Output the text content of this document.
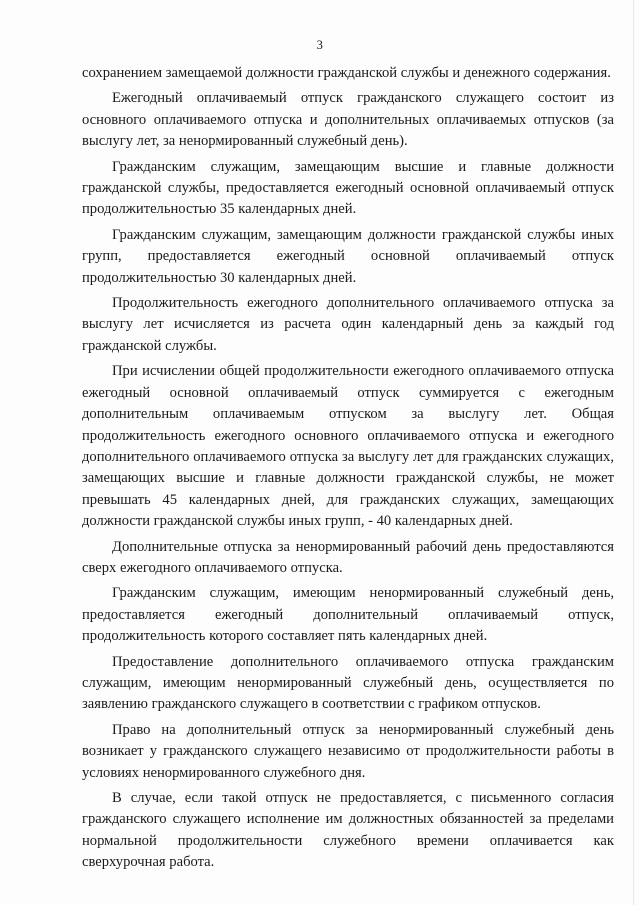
3

сохранением замещаемой должности гражданской службы и денежного содержания.

Ежегодный оплачиваемый отпуск гражданского служащего состоит из основного оплачиваемого отпуска и дополнительных оплачиваемых отпусков (за выслугу лет, за ненормированный служебный день).

Гражданским служащим, замещающим высшие и главные должности гражданской службы, предоставляется ежегодный основной оплачиваемый отпуск продолжительностью 35 календарных дней.

Гражданским служащим, замещающим должности гражданской службы иных групп, предоставляется ежегодный основной оплачиваемый отпуск продолжительностью 30 календарных дней.

Продолжительность ежегодного дополнительного оплачиваемого отпуска за выслугу лет исчисляется из расчета один календарный день за каждый год гражданской службы.

При исчислении общей продолжительности ежегодного оплачиваемого отпуска ежегодный основной оплачиваемый отпуск суммируется с ежегодным дополнительным оплачиваемым отпуском за выслугу лет. Общая продолжительность ежегодного основного оплачиваемого отпуска и ежегодного дополнительного оплачиваемого отпуска за выслугу лет для гражданских служащих, замещающих высшие и главные должности гражданской службы, не может превышать 45 календарных дней, для гражданских служащих, замещающих должности гражданской службы иных групп, - 40 календарных дней.

Дополнительные отпуска за ненормированный рабочий день предоставляются сверх ежегодного оплачиваемого отпуска.

Гражданским служащим, имеющим ненормированный служебный день, предоставляется ежегодный дополнительный оплачиваемый отпуск, продолжительность которого составляет пять календарных дней.

Предоставление дополнительного оплачиваемого отпуска гражданским служащим, имеющим ненормированный служебный день, осуществляется по заявлению гражданского служащего в соответствии с графиком отпусков.

Право на дополнительный отпуск за ненормированный служебный день возникает у гражданского служащего независимо от продолжительности работы в условиях ненормированного служебного дня.

В случае, если такой отпуск не предоставляется, с письменного согласия гражданского служащего исполнение им должностных обязанностей за пределами нормальной продолжительности служебного времени оплачивается как сверхурочная работа.
